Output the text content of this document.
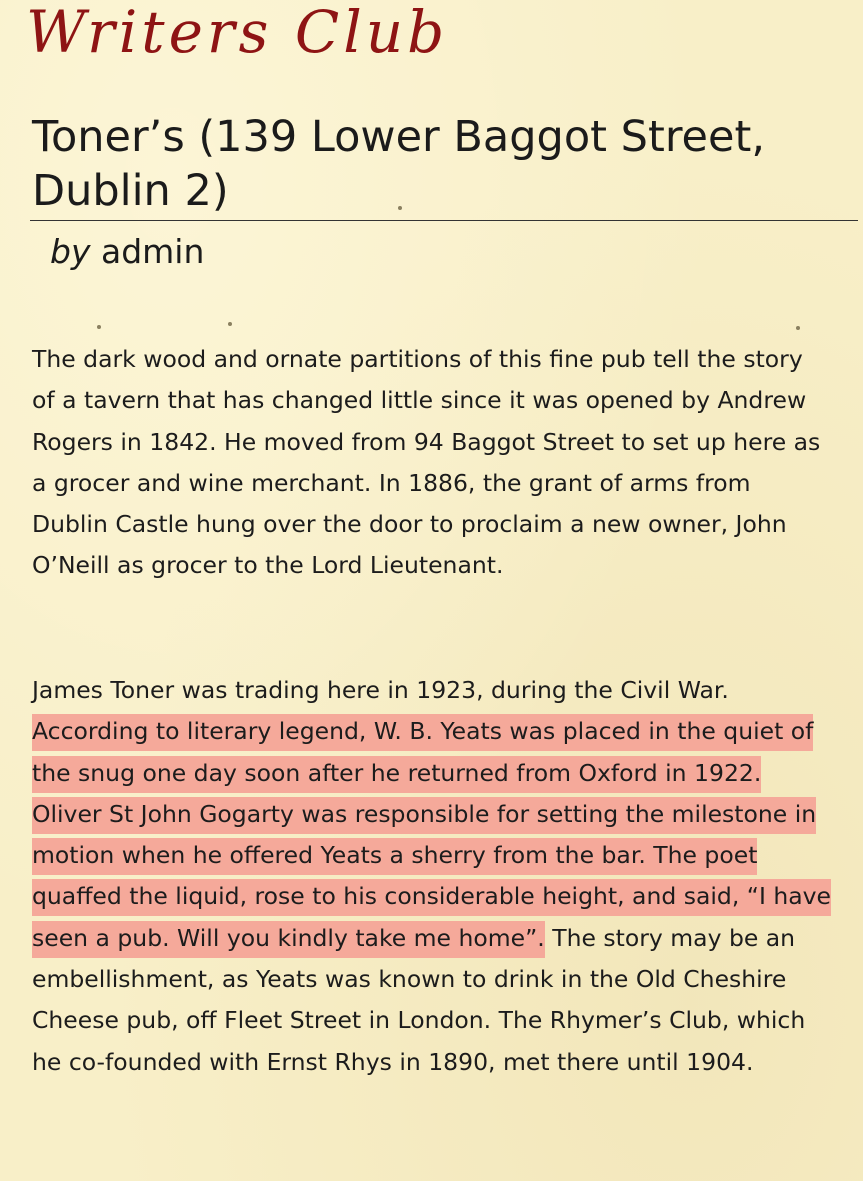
Writers Club
Toner’s (139 Lower Baggot Street, Dublin 2)
by admin

The dark wood and ornate partitions of this fine pub tell the story of a tavern that has changed little since it was opened by Andrew Rogers in 1842. He moved from 94 Baggot Street to set up here as a grocer and wine merchant. In 1886, the grant of arms from Dublin Castle hung over the door to proclaim a new owner, John O’Neill as grocer to the Lord Lieutenant.

James Toner was trading here in 1923, during the Civil War. According to literary legend, W. B. Yeats was placed in the quiet of the snug one day soon after he returned from Oxford in 1922. Oliver St John Gogarty was responsible for setting the milestone in motion when he offered Yeats a sherry from the bar. The poet quaffed the liquid, rose to his considerable height, and said, “I have seen a pub. Will you kindly take me home”. The story may be an embellishment, as Yeats was known to drink in the Old Cheshire Cheese pub, off Fleet Street in London. The Rhymer’s Club, which he co-founded with Ernst Rhys in 1890, met there until 1904.
